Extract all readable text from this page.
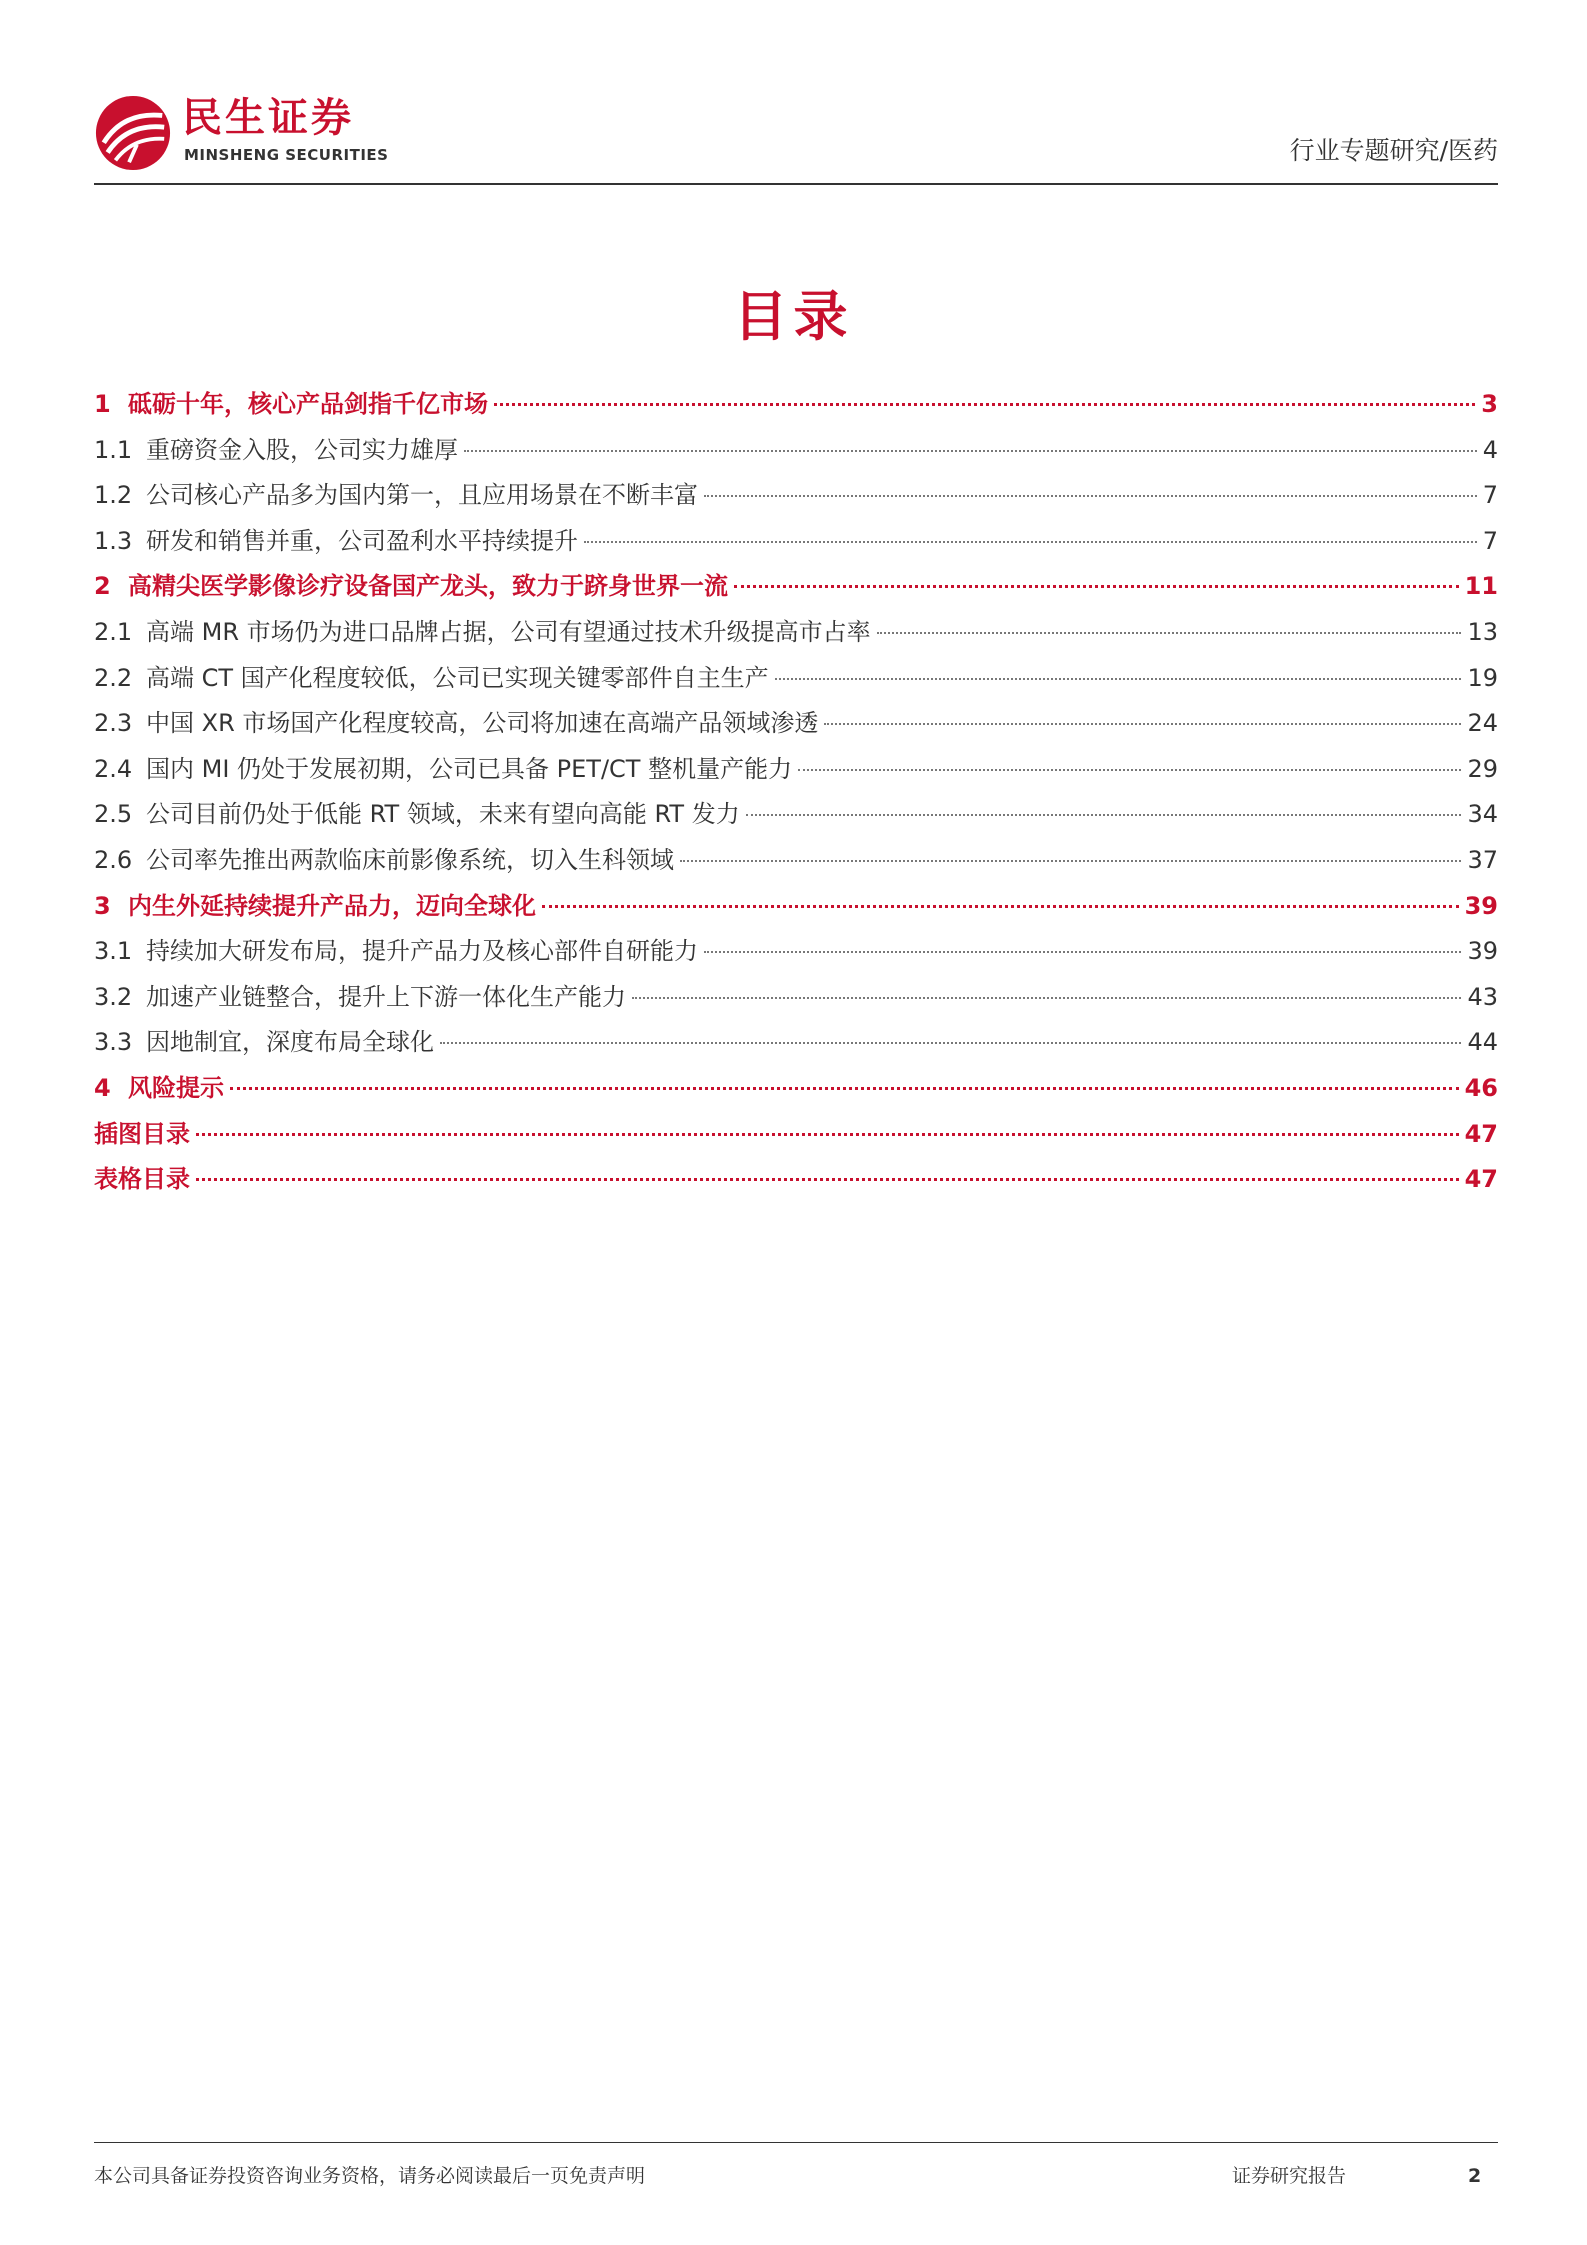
民生证券
MINSHENG SECURITIES	行业专题研究/医药
目录
1 砥砺十年，核心产品剑指千亿市场	3
1.1 重磅资金入股，公司实力雄厚	4
1.2 公司核心产品多为国内第一，且应用场景在不断丰富	7
1.3 研发和销售并重，公司盈利水平持续提升	7
2 高精尖医学影像诊疗设备国产龙头，致力于跻身世界一流	11
2.1 高端 MR 市场仍为进口品牌占据，公司有望通过技术升级提高市占率	13
2.2 高端 CT 国产化程度较低，公司已实现关键零部件自主生产	19
2.3 中国 XR 市场国产化程度较高，公司将加速在高端产品领域渗透	24
2.4 国内 MI 仍处于发展初期，公司已具备 PET/CT 整机量产能力	29
2.5 公司目前仍处于低能 RT 领域，未来有望向高能 RT 发力	34
2.6 公司率先推出两款临床前影像系统，切入生科领域	37
3 内生外延持续提升产品力，迈向全球化	39
3.1 持续加大研发布局，提升产品力及核心部件自研能力	39
3.2 加速产业链整合，提升上下游一体化生产能力	43
3.3 因地制宜，深度布局全球化	44
4 风险提示	46
插图目录	47
表格目录	47
本公司具备证券投资咨询业务资格，请务必阅读最后一页免责声明	证券研究报告	2
